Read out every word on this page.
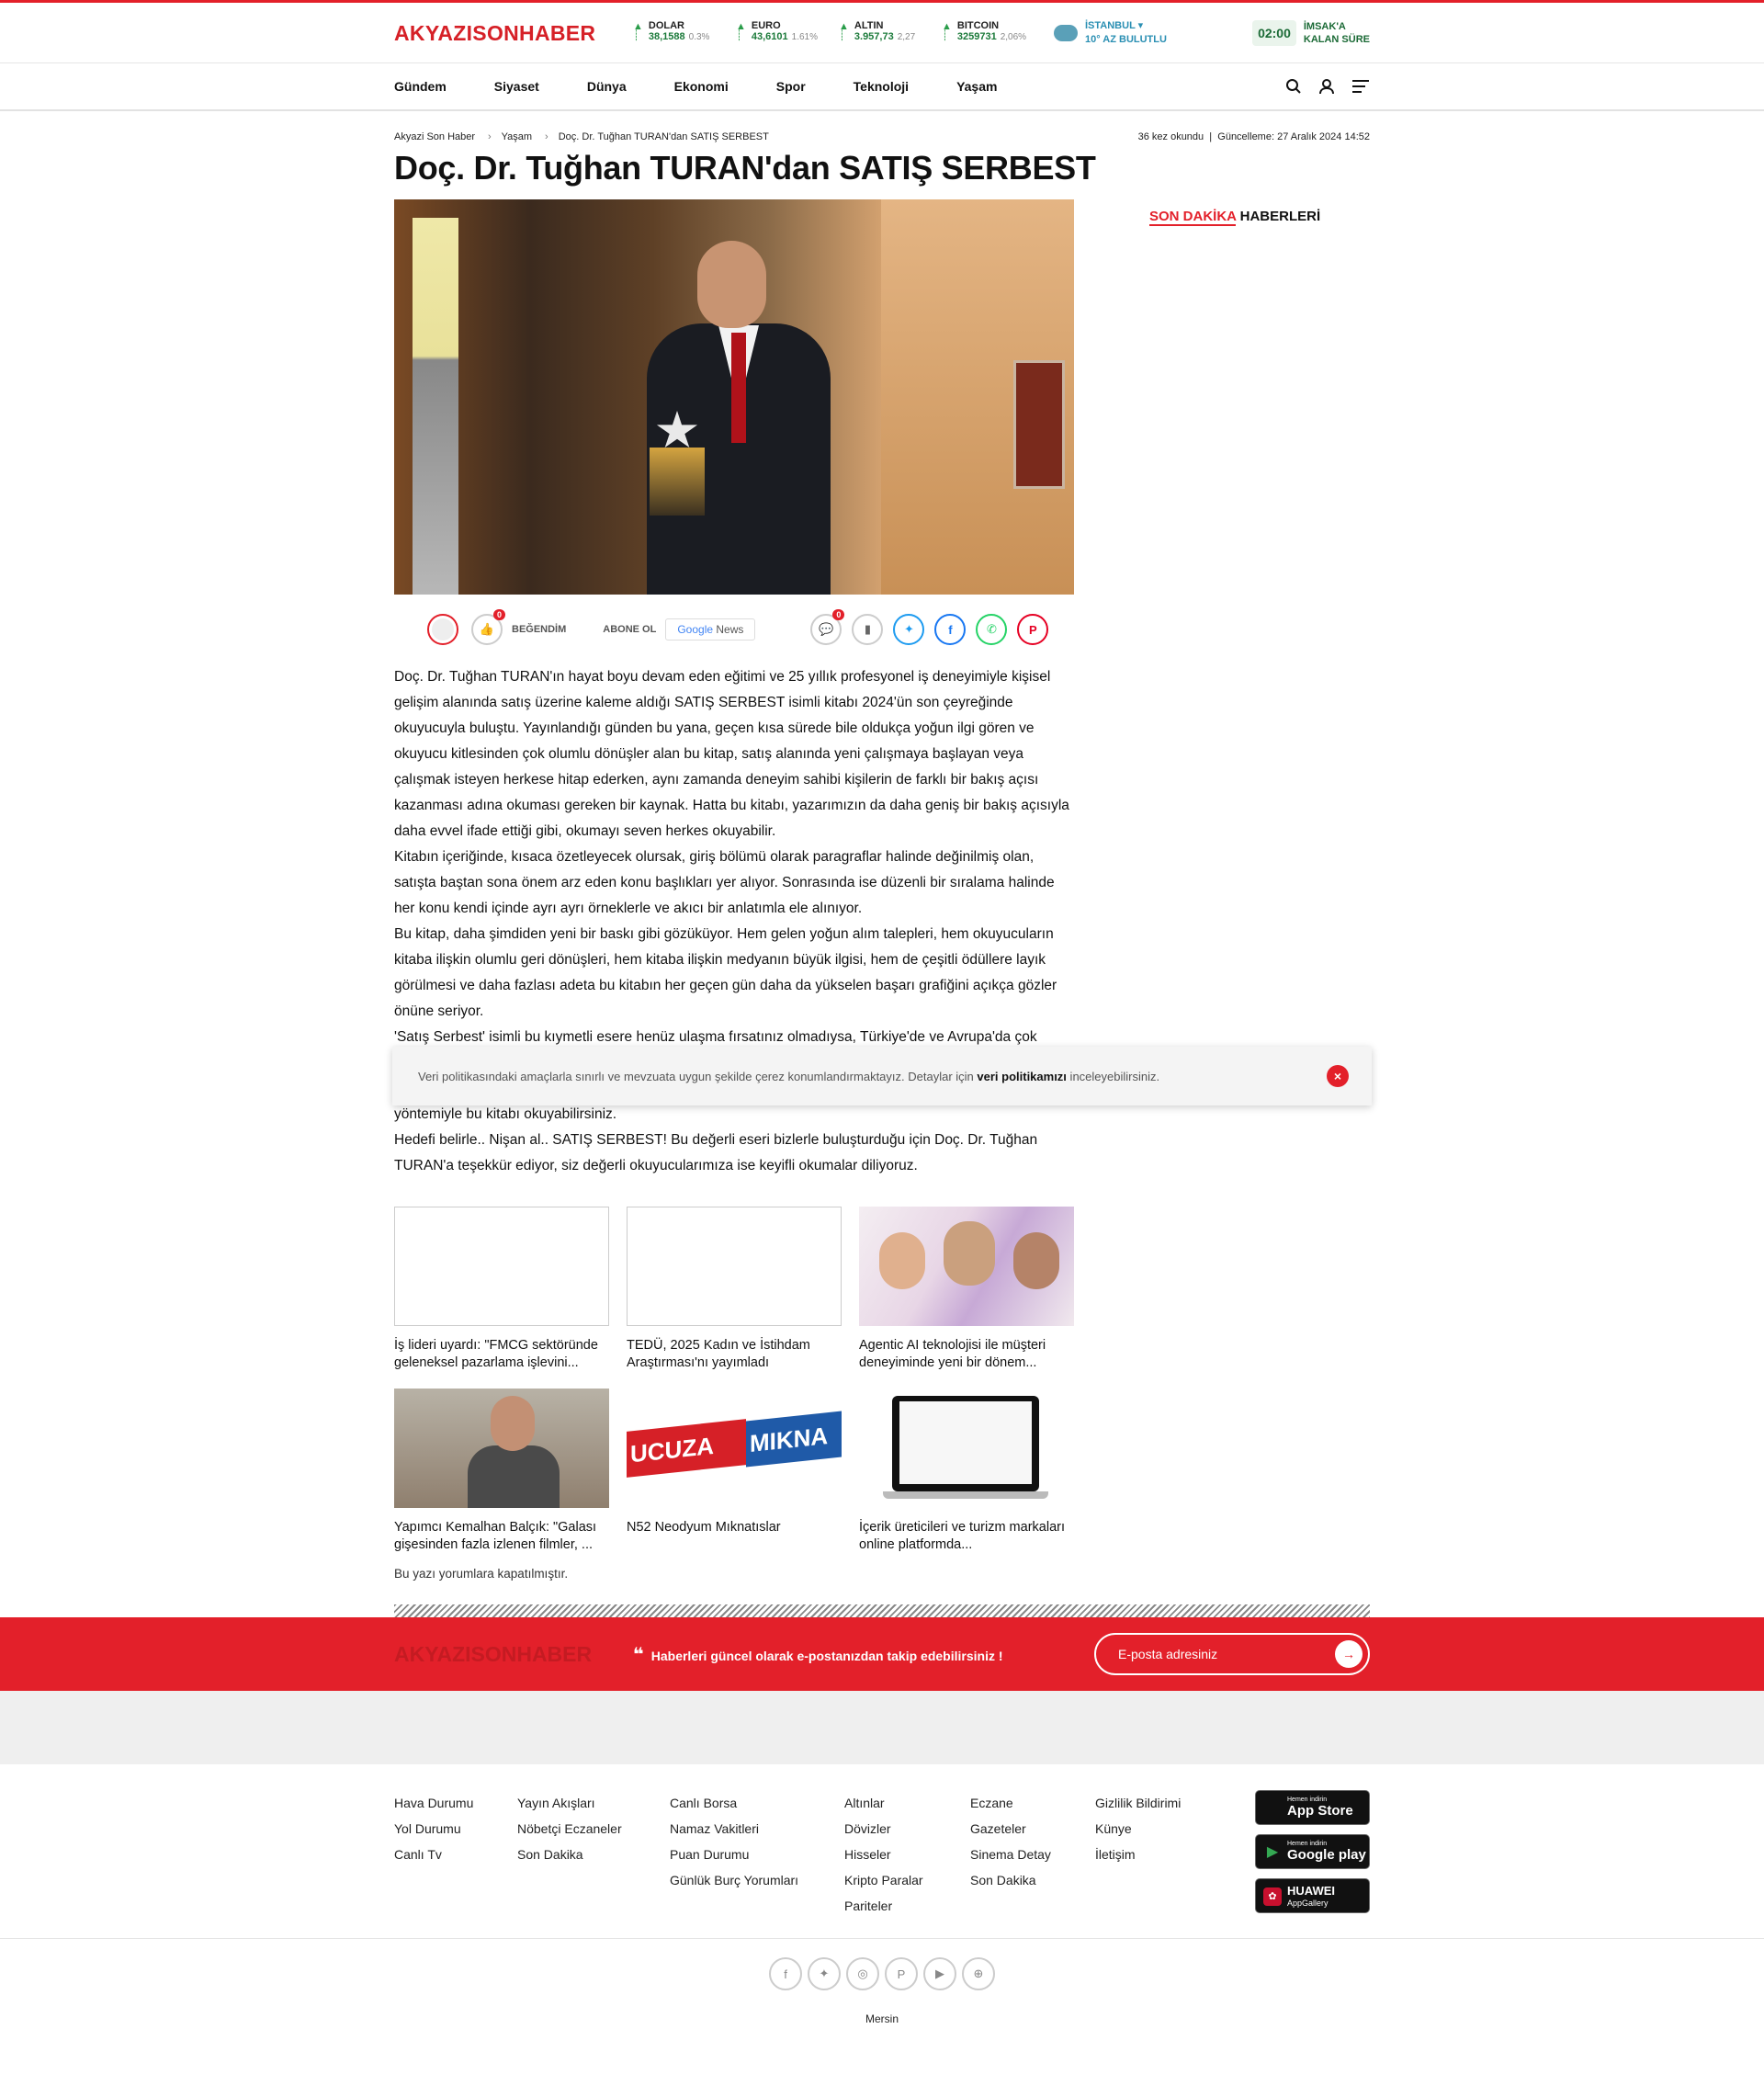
AKYAZISONHABER	▲
┊
DOLAR
38,1588 0.3%
▲
┊
EURO
43,6101 1.61%
▲
┊
ALTIN
3.957,73 2,27
▲
┊
BITCOIN
3259731 2,06%
İSTANBUL ▾
10° AZ BULUTLU	02:00	İMSAK'A
KALAN SÜRE
Gündem	Siyaset	Dünya	Ekonomi	Spor	Teknoloji	Yaşam
Akyazi Son Haber › Yaşam › Doç. Dr. Tuğhan TURAN'dan SATIŞ SERBEST	36 kez okundu  |  Güncelleme: 27 Aralık 2024 14:52
Doç. Dr. Tuğhan TURAN'dan SATIŞ SERBEST
👍
0
BEĞENDİM	ABONE OL	Google News	💬
0
▮	✦	f	✆	P

Doç. Dr. Tuğhan TURAN'ın hayat boyu devam eden eğitimi ve 25 yıllık profesyonel iş deneyimiyle kişisel gelişim alanında satış üzerine kaleme aldığı SATIŞ SERBEST isimli kitabı 2024'ün son çeyreğinde okuyucuyla buluştu. Yayınlandığı günden bu yana, geçen kısa sürede bile oldukça yoğun ilgi gören ve okuyucu kitlesinden çok olumlu dönüşler alan bu kitap, satış alanında yeni çalışmaya başlayan veya çalışmak isteyen herkese hitap ederken, aynı zamanda deneyim sahibi kişilerin de farklı bir bakış açısı kazanması adına okuması gereken bir kaynak. Hatta bu kitabı, yazarımızın da daha geniş bir bakış açısıyla daha evvel ifade ettiği gibi, okumayı seven herkes okuyabilir.

Kitabın içeriğinde, kısaca özetleyecek olursak, giriş bölümü olarak paragraflar halinde değinilmiş olan, satışta baştan sona önem arz eden konu başlıkları yer alıyor. Sonrasında ise düzenli bir sıralama halinde her konu kendi içinde ayrı ayrı örneklerle ve akıcı bir anlatımla ele alınıyor.

Bu kitap, daha şimdiden yeni bir baskı gibi gözüküyor. Hem gelen yoğun alım talepleri, hem okuyucuların kitaba ilişkin olumlu geri dönüşleri, hem kitaba ilişkin medyanın büyük ilgisi, hem de çeşitli ödüllere layık görülmesi ve daha fazlası adeta bu kitabın her geçen gün daha da yükselen başarı grafiğini açıkça gözler önüne seriyor.

'Satış Serbest' isimli bu kıymetli esere henüz ulaşma fırsatınız olmadıysa, Türkiye'de ve Avrupa'da çok yöntemiyle bu kitabı okuyabilirsiniz.

Hedefi belirle.. Nişan al.. SATIŞ SERBEST! Bu değerli eseri bizlerle buluşturduğu için Doç. Dr. Tuğhan TURAN'a teşekkür ediyor, siz değerli okuyucularımıza ise keyifli okumalar diliyoruz.

İş lideri uyardı: "FMCG sektöründe geleneksel pazarlama işlevini...
TEDÜ, 2025 Kadın ve İstihdam Araştırması'nı yayımladı
Agentic AI teknolojisi ile müşteri deneyiminde yeni bir dönem...
Yapımcı Kemalhan Balçık: "Galası gişesinden fazla izlenen filmler, ...
UCUZA	MIKNA
N52 Neodyum Mıknatıslar	İçerik üreticileri ve turizm markaları online platformda...
Bu yazı yorumlara kapatılmıştır.
SON DAKİKA HABERLERİ
Veri politikasındaki amaçlarla sınırlı ve mevzuata uygun şekilde çerez konumlandırmaktayız. Detaylar için veri politikamızı inceleyebilirsiniz.	×
AKYAZISONHABER	❝ Haberleri güncel olarak e-postanızdan takip edebilirsiniz !	E-posta adresiniz	→
Hava Durumu
Yol Durumu
Canlı Tv
Yayın Akışları
Nöbetçi Eczaneler
Son Dakika
Canlı Borsa
Namaz Vakitleri
Puan Durumu
Günlük Burç Yorumları
Altınlar
Dövizler
Hisseler
Kripto Paralar
Pariteler
Eczane
Gazeteler
Sinema Detay
Son Dakika
Gizlilik Bildirimi
Künye
İletişim
Hemen indirin
App Store
▶
Hemen indirin
Google play
✿ HUAWEI
AppGallery
f	✦	◎	P	▶	⊕
Mersin
